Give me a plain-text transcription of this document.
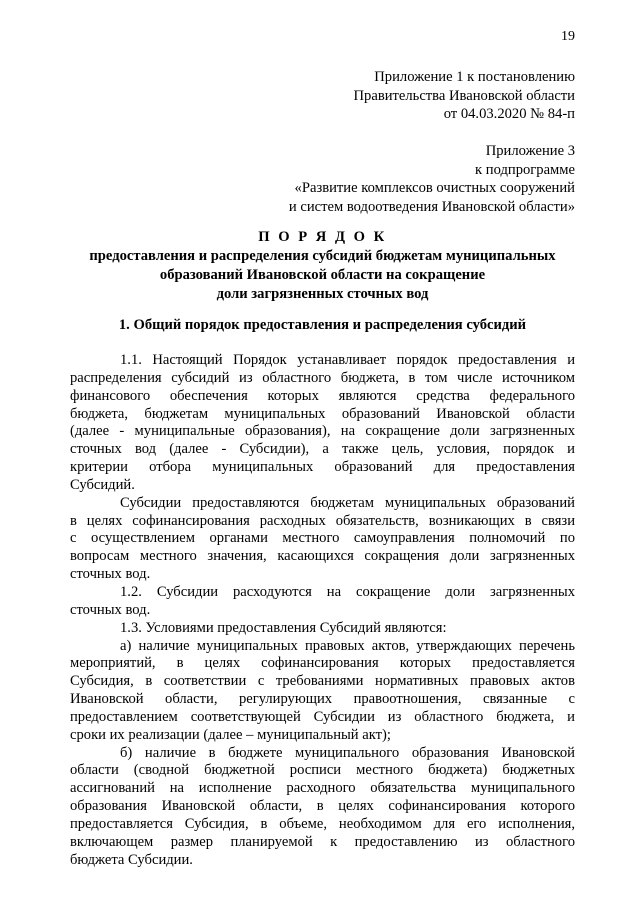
19
Приложение 1 к постановлению
Правительства Ивановской области
от 04.03.2020 № 84-п
Приложение 3
к подпрограмме
«Развитие комплексов очистных сооружений
и систем водоотведения Ивановской области»
П О Р Я Д О К
предоставления и распределения субсидий бюджетам муниципальных
образований Ивановской области на сокращение
доли загрязненных сточных вод
1. Общий порядок предоставления и распределения субсидий
1.1. Настоящий Порядок устанавливает порядок предоставления и
распределения субсидий из областного бюджета, в том числе источником
финансового обеспечения которых являются средства федерального
бюджета, бюджетам муниципальных образований Ивановской области
(далее - муниципальные образования), на сокращение доли загрязненных
сточных вод (далее - Субсидии), а также цель, условия, порядок и
критерии отбора муниципальных образований для предоставления
Субсидий.
Субсидии предоставляются бюджетам муниципальных образований
в целях софинансирования расходных обязательств, возникающих в связи
с осуществлением органами местного самоуправления полномочий по
вопросам местного значения, касающихся сокращения доли загрязненных
сточных вод.
1.2. Субсидии расходуются на сокращение доли загрязненных
сточных вод.
1.3. Условиями предоставления Субсидий являются:
а) наличие муниципальных правовых актов, утверждающих перечень
мероприятий, в целях софинансирования которых предоставляется
Субсидия, в соответствии с требованиями нормативных правовых актов
Ивановской области, регулирующих правоотношения, связанные с
предоставлением соответствующей Субсидии из областного бюджета, и
сроки их реализации (далее – муниципальный акт);
б) наличие в бюджете муниципального образования Ивановской
области (сводной бюджетной росписи местного бюджета) бюджетных
ассигнований на исполнение расходного обязательства муниципального
образования Ивановской области, в целях софинансирования которого
предоставляется Субсидия, в объеме, необходимом для его исполнения,
включающем размер планируемой к предоставлению из областного
бюджета Субсидии.
